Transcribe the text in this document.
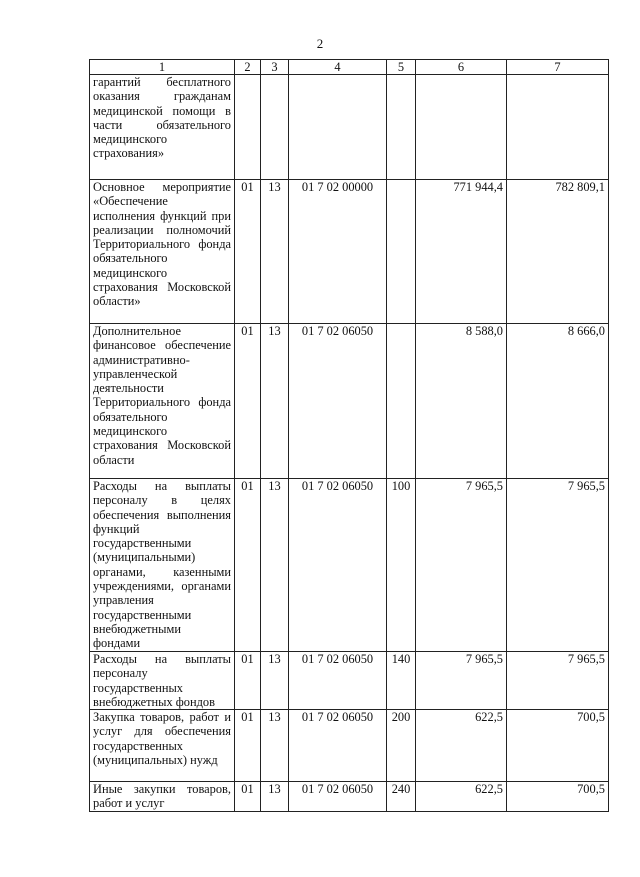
2
1	2	3	4	5	6	7
гарантий бесплатного оказания гражданам медицинской помощи в части обязательного медицинского страхования»						
Основное мероприятие «Обеспечение исполнения функций при реализации полномочий Территориального фонда обязательного медицинского страхования Московской области»	01	13	01 7 02 00000		771 944,4	782 809,1
Дополнительное финансовое обеспечение административно-управленческой деятельности Территориального фонда обязательного медицинского страхования Московской области	01	13	01 7 02 06050		8 588,0	8 666,0
Расходы на выплаты персоналу в целях обеспечения выполнения функций государственными (муниципальными) органами, казенными учреждениями, органами управления государственными внебюджетными фондами	01	13	01 7 02 06050	100	7 965,5	7 965,5
Расходы на выплаты персоналу государственных внебюджетных фондов	01	13	01 7 02 06050	140	7 965,5	7 965,5
Закупка товаров, работ и услуг для обеспечения государственных (муниципальных) нужд	01	13	01 7 02 06050	200	622,5	700,5
Иные закупки товаров, работ и услуг	01	13	01 7 02 06050	240	622,5	700,5
